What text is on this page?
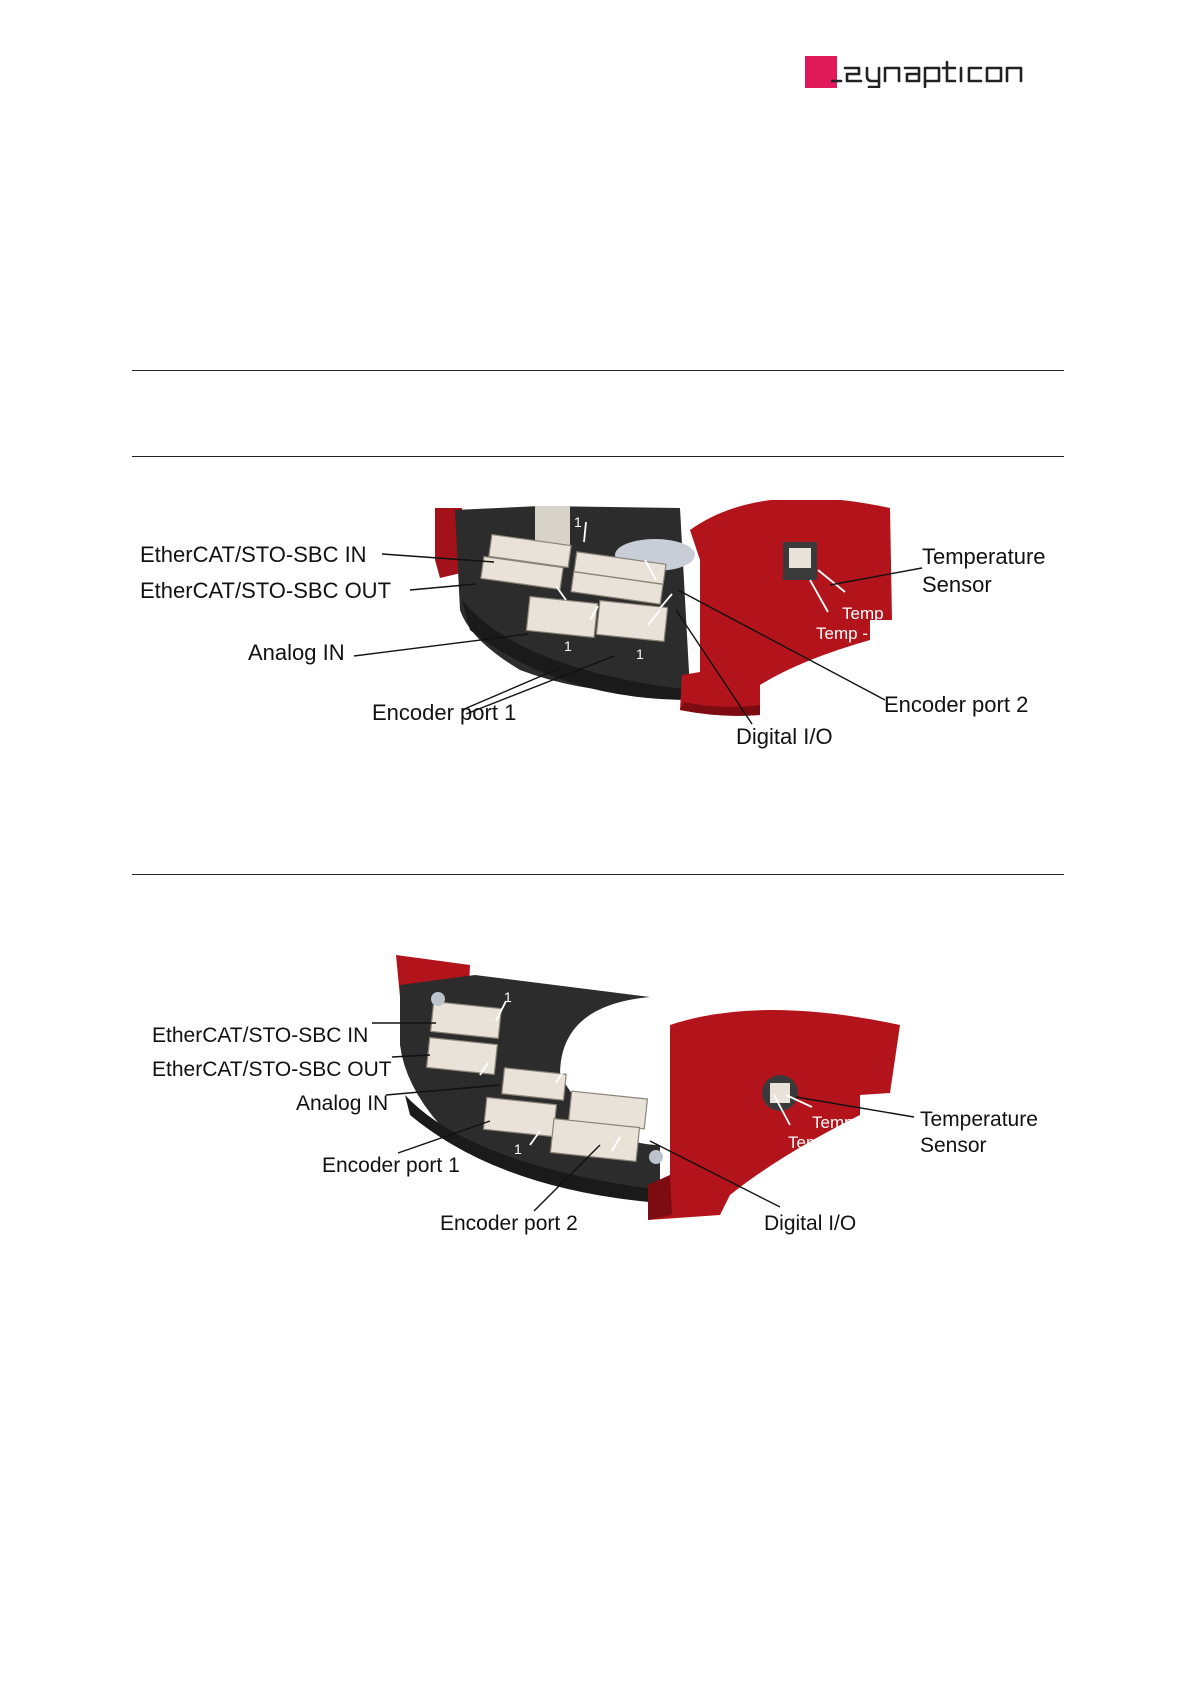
EtherCAT/STO-SBC IN
EtherCAT/STO-SBC OUT
Analog IN
Encoder port 1
Digital I/O
Encoder port 2
Temperature
Sensor
Temp
Temp -
1
1	1
EtherCAT/STO-SBC IN
EtherCAT/STO-SBC OUT
Analog IN
Encoder port 1
Encoder port 2	Digital I/O
Temperature
Sensor
Temp +
Temp -
1
1
1
